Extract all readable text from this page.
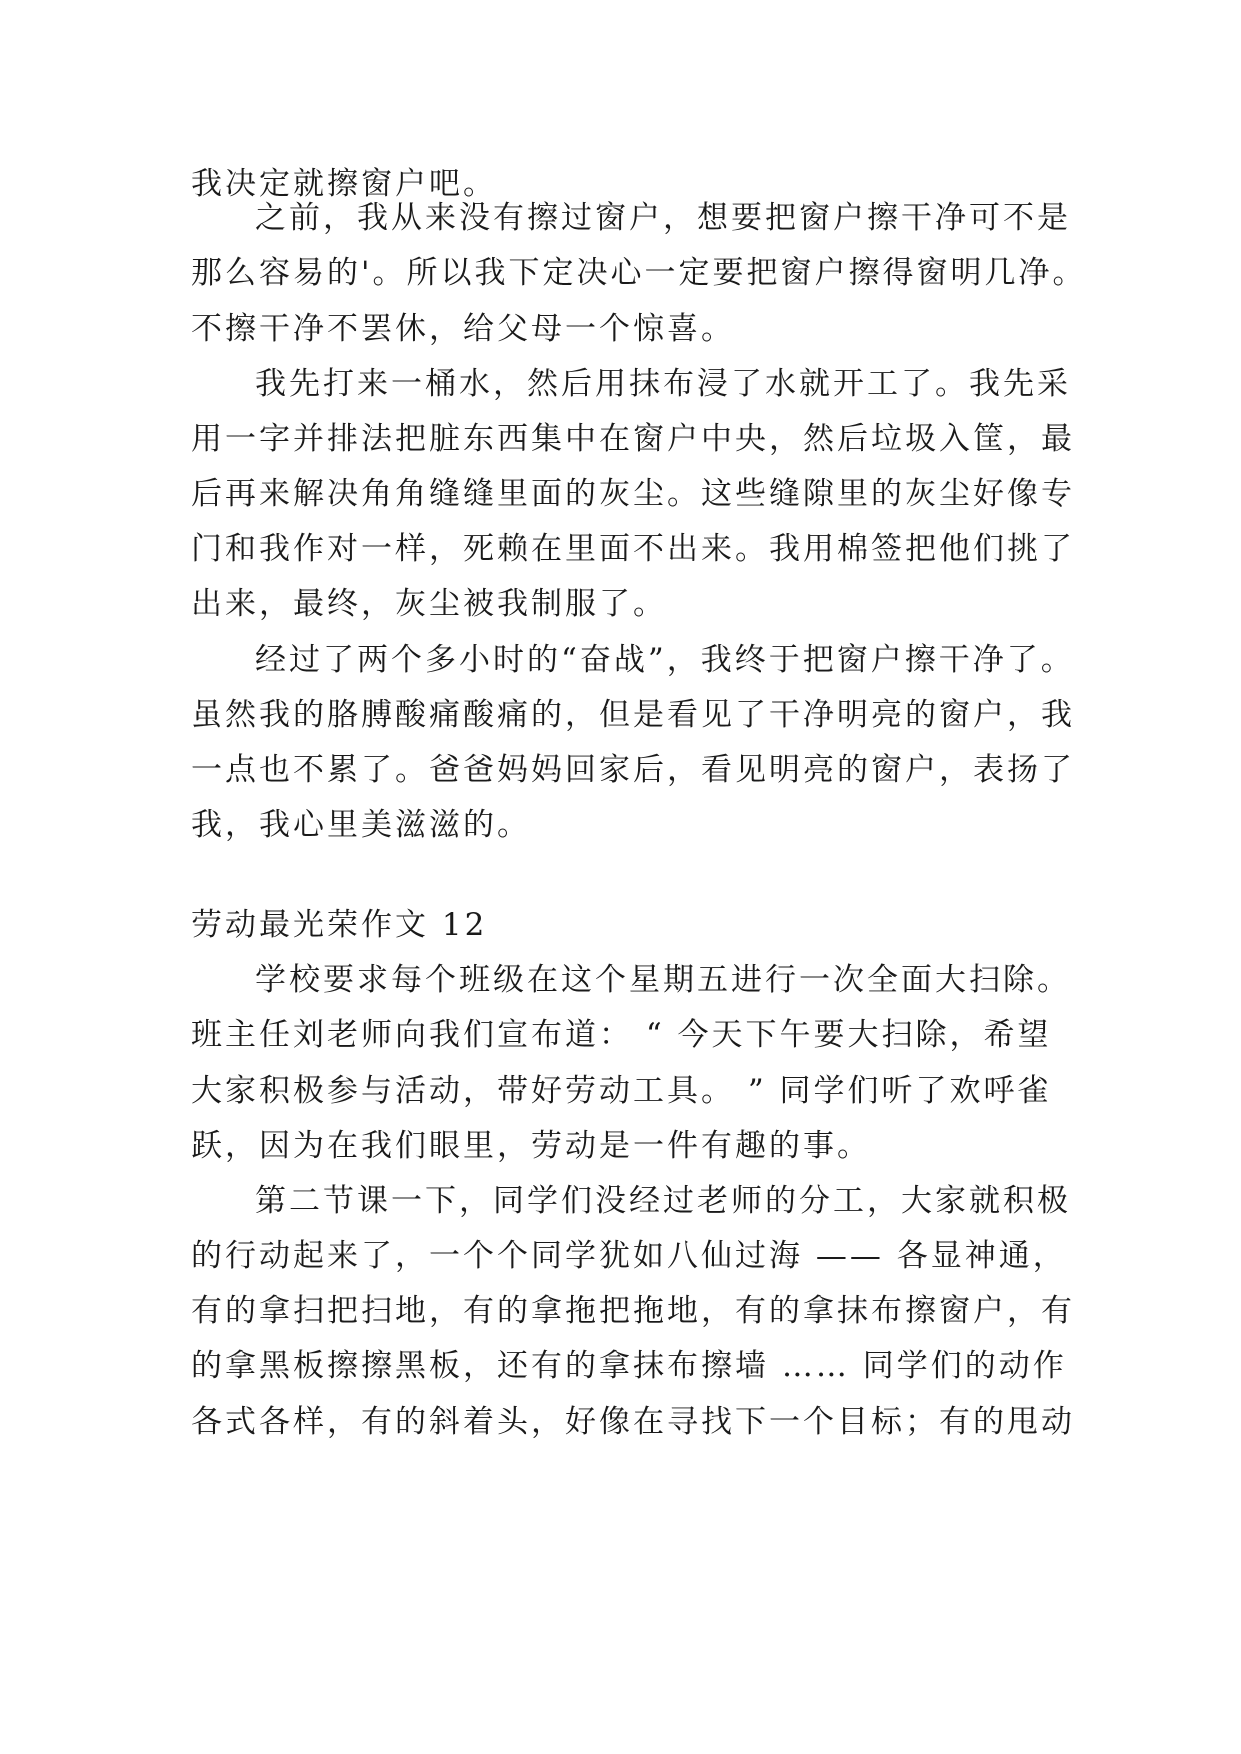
我决定就擦窗户吧。
之前，我从来没有擦过窗户，想要把窗户擦干净可不是
那么容易的'。所以我下定决心一定要把窗户擦得窗明几净。
不擦干净不罢休，给父母一个惊喜。
我先打来一桶水，然后用抹布浸了水就开工了。我先采
用一字并排法把脏东西集中在窗户中央，然后垃圾入筐，最
后再来解决角角缝缝里面的灰尘。这些缝隙里的灰尘好像专
门和我作对一样，死赖在里面不出来。我用棉签把他们挑了
出来，最终，灰尘被我制服了。
经过了两个多小时的“奋战”，我终于把窗户擦干净了。
虽然我的胳膊酸痛酸痛的，但是看见了干净明亮的窗户，我
一点也不累了。爸爸妈妈回家后，看见明亮的窗户，表扬了
我，我心里美滋滋的。
劳动最光荣作文 12
学校要求每个班级在这个星期五进行一次全面大扫除。
班主任刘老师向我们宣布道： “ 今天下午要大扫除，希望
大家积极参与活动，带好劳动工具。 ” 同学们听了欢呼雀
跃，因为在我们眼里，劳动是一件有趣的事。
第二节课一下，同学们没经过老师的分工，大家就积极
的行动起来了，一个个同学犹如八仙过海 —— 各显神通，
有的拿扫把扫地，有的拿拖把拖地，有的拿抹布擦窗户，有
的拿黑板擦擦黑板，还有的拿抹布擦墙 …… 同学们的动作
各式各样，有的斜着头，好像在寻找下一个目标；有的甩动
